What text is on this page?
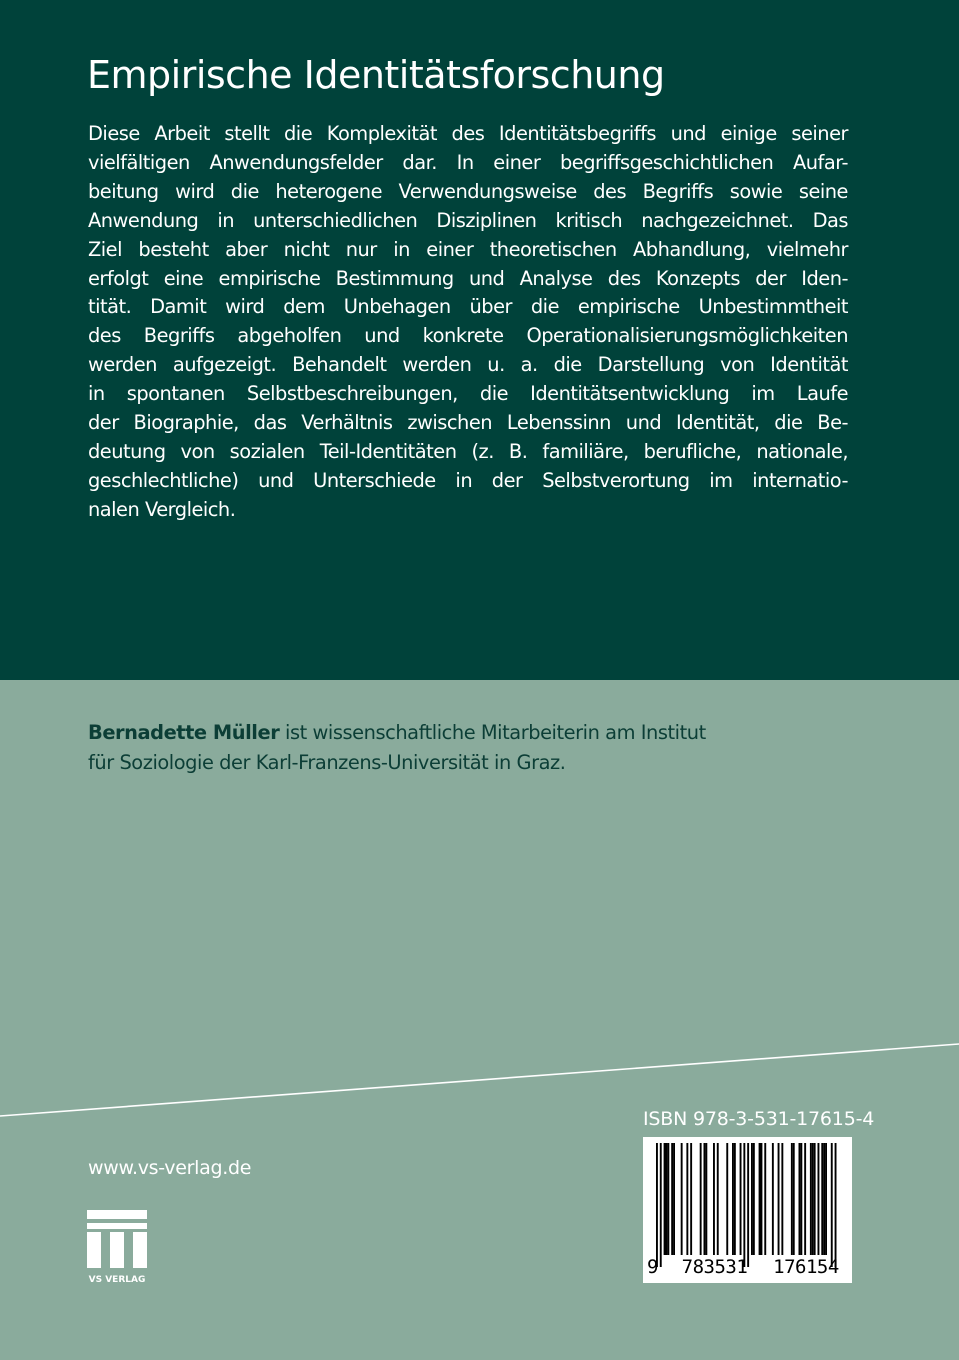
Empirische Identitätsforschung
Diese Arbeit stellt die Komplexität des Identitätsbegriffs und einige seiner
vielfältigen Anwendungsfelder dar. In einer begriffsgeschichtlichen Aufar-
beitung wird die heterogene Verwendungsweise des Begriffs sowie seine
Anwendung in unterschiedlichen Disziplinen kritisch nachgezeichnet. Das
Ziel besteht aber nicht nur in einer theoretischen Abhandlung, vielmehr
erfolgt eine empirische Bestimmung und Analyse des Konzepts der Iden-
tität. Damit wird dem Unbehagen über die empirische Unbestimmtheit
des Begriffs abgeholfen und konkrete Operationalisierungsmöglichkeiten
werden aufgezeigt. Behandelt werden u. a. die Darstellung von Identität
in spontanen Selbstbeschreibungen, die Identitätsentwicklung im Laufe
der Biographie, das Verhältnis zwischen Lebenssinn und Identität, die Be-
deutung von sozialen Teil-Identitäten (z. B. familiäre, berufliche, nationale,
geschlechtliche) und Unterschiede in der Selbstverortung im internatio-
nalen Vergleich.
Bernadette Müller ist wissenschaftliche Mitarbeiterin am Institut
für Soziologie der Karl-Franzens-Universität in Graz.
www.vs-verlag.de
VS VERLAG
ISBN 978-3-531-17615-4
9	783531	176154
